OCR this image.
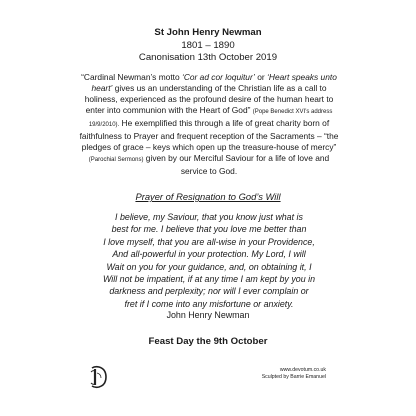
St John Henry Newman
1801 – 1890
Canonisation 13th October 2019
“Cardinal Newman’s motto ‘Cor ad cor loquitur’ or ‘Heart speaks unto heart’ gives us an understanding of the Christian life as a call to holiness, experienced as the profound desire of the human heart to enter into communion with the Heart of God” (Pope Benedict XVI’s address 19/9/2010). He exemplified this through a life of great charity born of faithfulness to Prayer and frequent reception of the Sacraments – “the pledges of grace – keys which open up the treasure-house of mercy” (Parochial Sermons) given by our Merciful Saviour for a life of love and service to God.
Prayer of Resignation to God’s Will
I believe, my Saviour, that you know just what is
best for me. I believe that you love me better than
I love myself, that you are all-wise in your Providence,
And all-powerful in your protection. My Lord, I will
Wait on you for your guidance, and, on obtaining it, I
Will not be impatient, if at any time I am kept by you in
darkness and perplexity; nor will I ever complain or
fret if I come into any misfortune or anxiety.
John Henry Newman
Feast Day the 9th October
www.devotum.co.uk
Sculpted by Barrie Emanuel
